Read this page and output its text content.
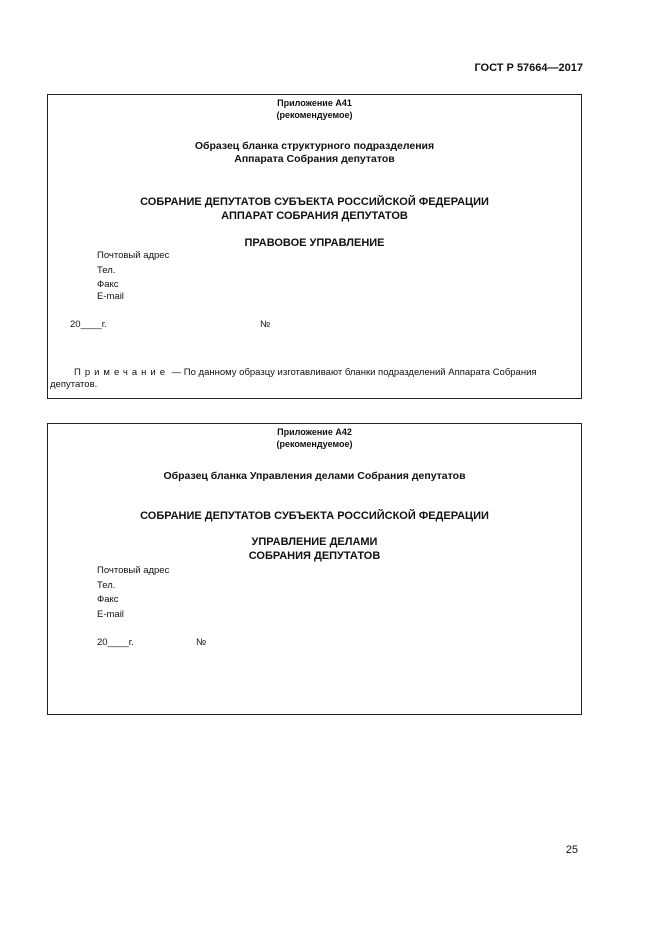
ГОСТ Р 57664—2017
Приложение А41
(рекомендуемое)
Образец бланка структурного подразделения
Аппарата Собрания депутатов
СОБРАНИЕ ДЕПУТАТОВ СУБЪЕКТА РОССИЙСКОЙ ФЕДЕРАЦИИ
АППАРАТ СОБРАНИЯ ДЕПУТАТОВ
ПРАВОВОЕ УПРАВЛЕНИЕ
Почтовый адрес
Тел.
Факс
E-mail
20____г.	№
Примечание — По данному образцу изготавливают бланки подразделений Аппарата Собрания
депутатов.
Приложение А42
(рекомендуемое)
Образец бланка Управления делами Собрания депутатов
СОБРАНИЕ ДЕПУТАТОВ СУБЪЕКТА РОССИЙСКОЙ ФЕДЕРАЦИИ
УПРАВЛЕНИЕ ДЕЛАМИ
СОБРАНИЯ ДЕПУТАТОВ
Почтовый адрес
Тел.
Факс
E-mail
20____г.	№
25
